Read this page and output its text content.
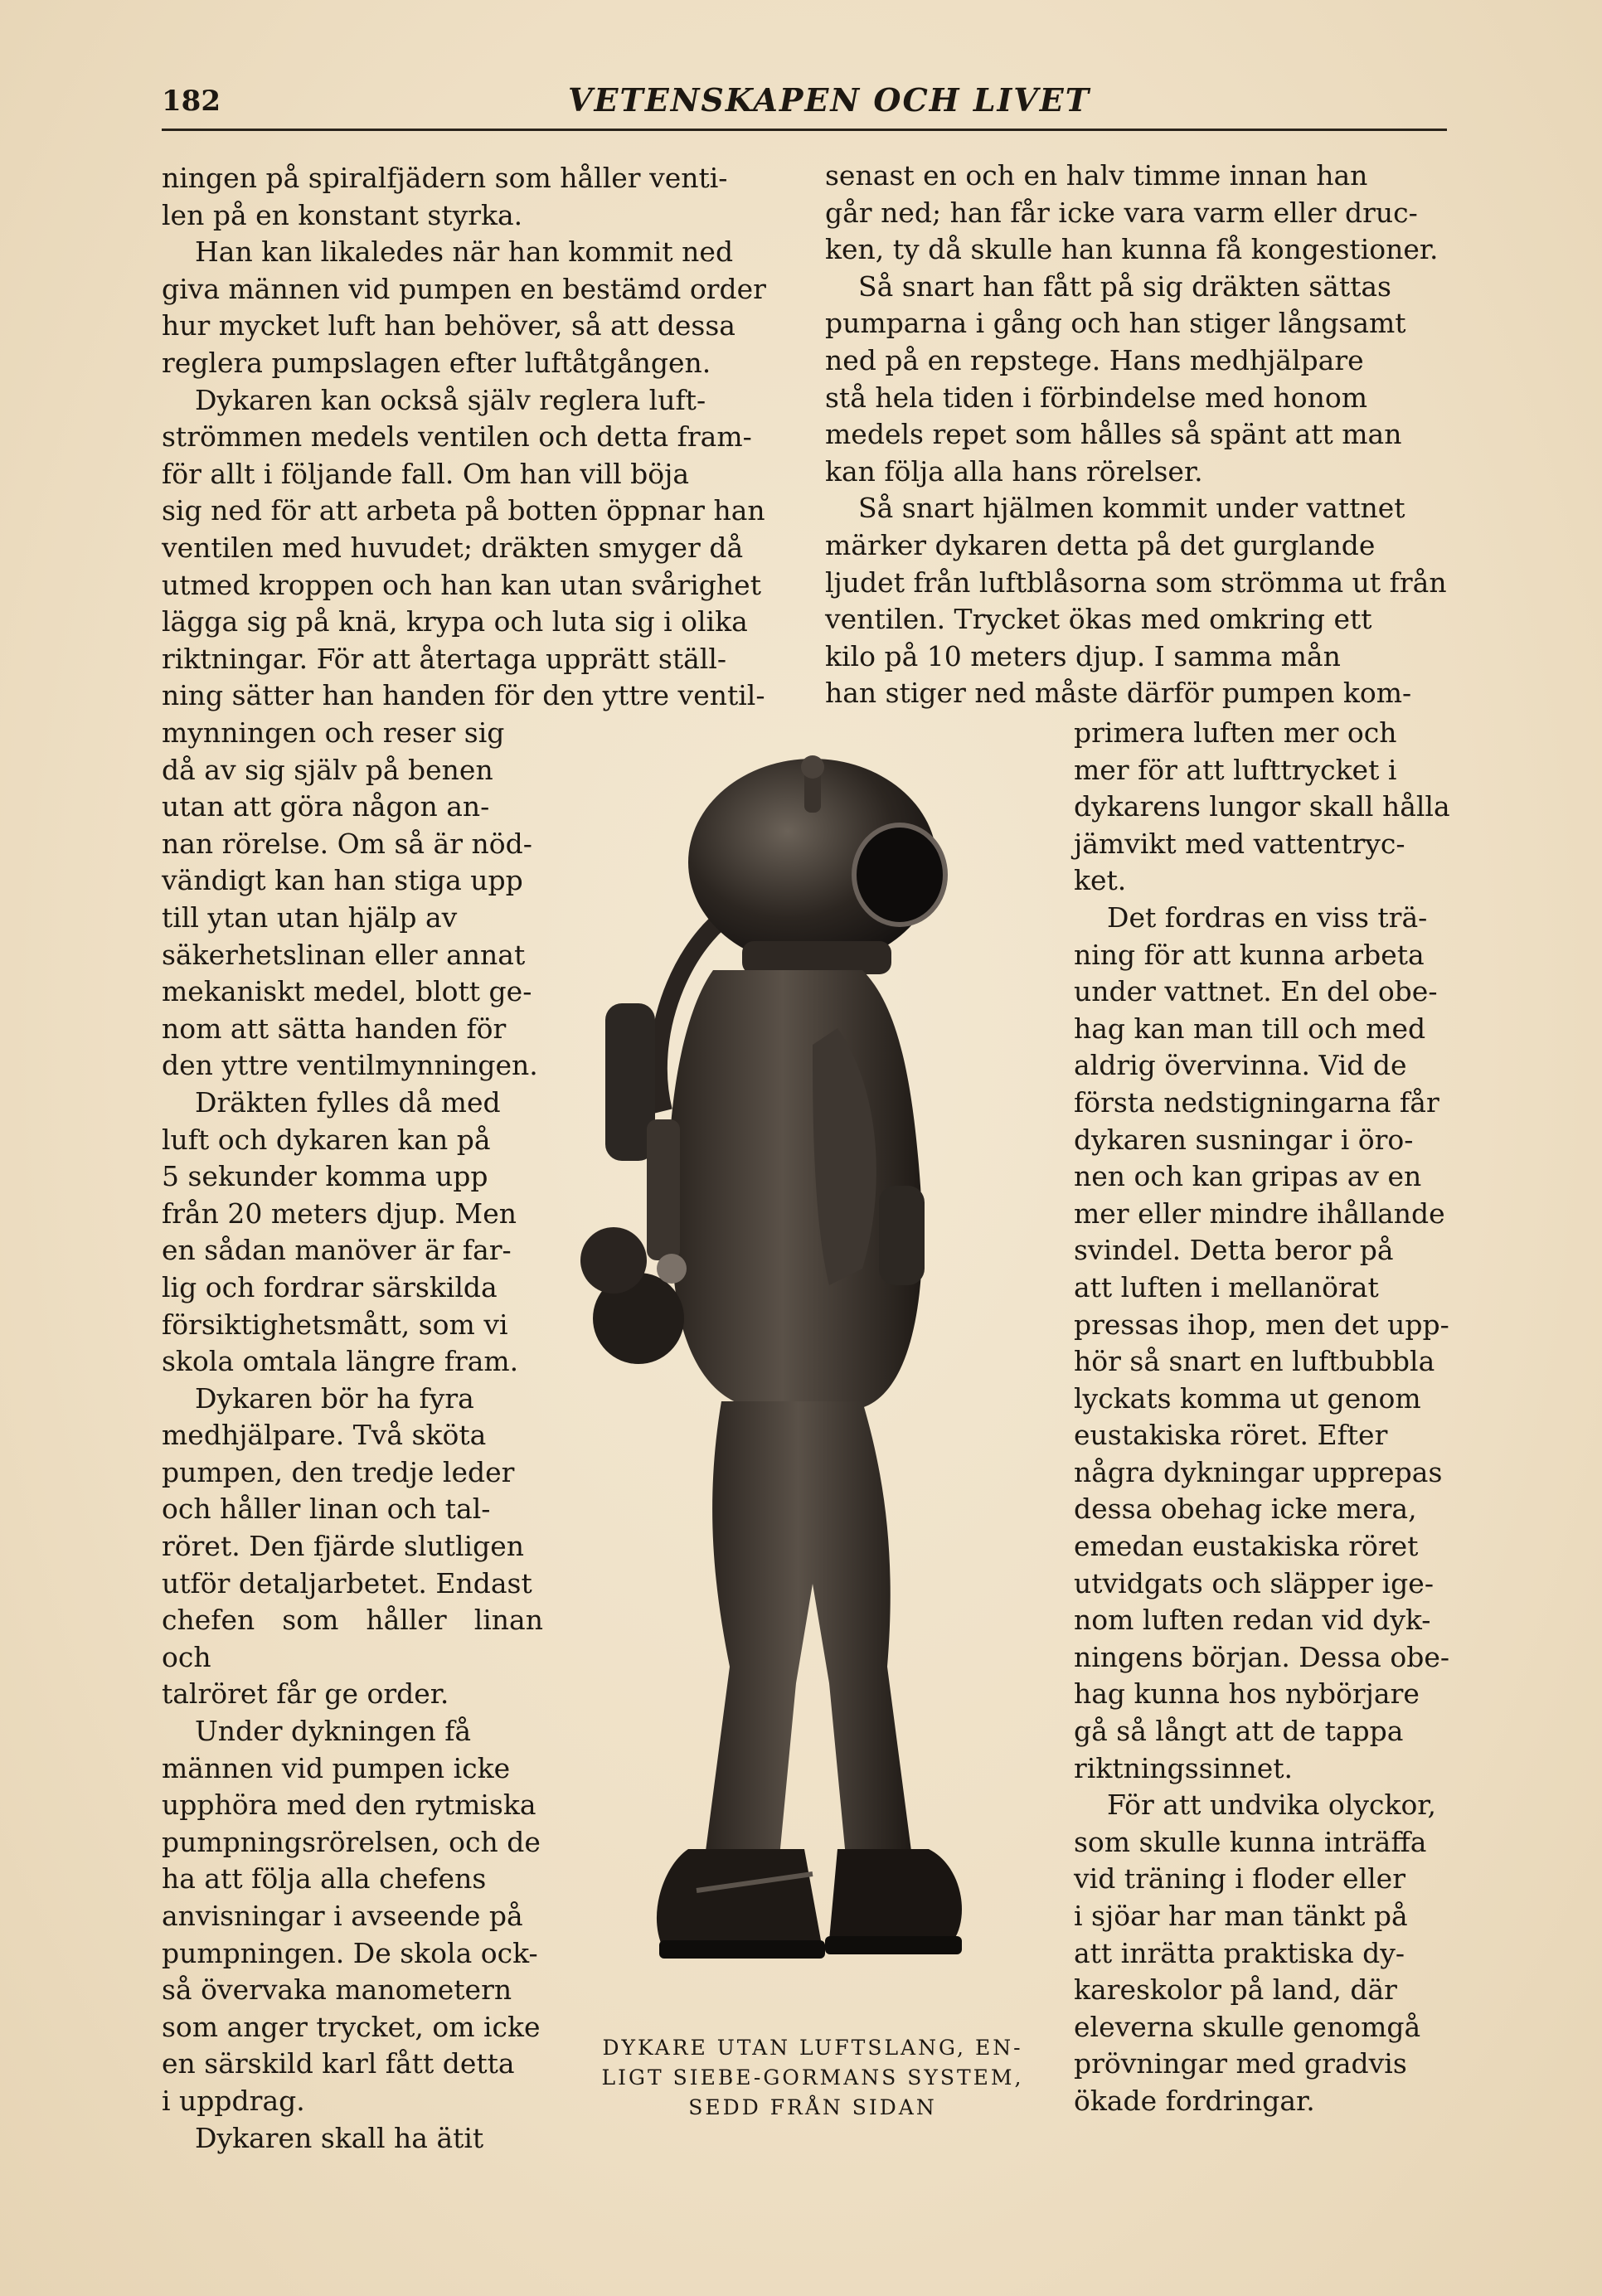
182	VETENSKAPEN OCH LIVET
ningen på spiralfjädern som håller venti-
len på en konstant styrka.
Han kan likaledes när han kommit ned
giva männen vid pumpen en bestämd order
hur mycket luft han behöver, så att dessa
reglera pumpslagen efter luftåtgången.
Dykaren kan också själv reglera luft-
strömmen medels ventilen och detta fram-
för allt i följande fall. Om han vill böja
sig ned för att arbeta på botten öppnar han
ventilen med huvudet; dräkten smyger då
utmed kroppen och han kan utan svårighet
lägga sig på knä, krypa och luta sig i olika
riktningar. För att återtaga upprätt ställ-
ning sätter han handen för den yttre ventil-
mynningen och reser sig
då av sig själv på benen
utan att göra någon an-
nan rörelse. Om så är nöd-
vändigt kan han stiga upp
till ytan utan hjälp av
säkerhetslinan eller annat
mekaniskt medel, blott ge-
nom att sätta handen för
den yttre ventilmynningen.
Dräkten fylles då med
luft och dykaren kan på
5 sekunder komma upp
från 20 meters djup. Men
en sådan manöver är far-
lig och fordrar särskilda
försiktighetsmått, som vi
skola omtala längre fram.
Dykaren bör ha fyra
medhjälpare. Två sköta
pumpen, den tredje leder
och håller linan och tal-
röret. Den fjärde slutligen
utför detaljarbetet. Endast
chefen som håller linan och
talröret får ge order.
Under dykningen få
männen vid pumpen icke
upphöra med den rytmiska
pumpningsrörelsen, och de
ha att följa alla chefens
anvisningar i avseende på
pumpningen. De skola ock-
så övervaka manometern
som anger trycket, om icke
en särskild karl fått detta
i uppdrag.
Dykaren skall ha ätit
senast en och en halv timme innan han
går ned; han får icke vara varm eller druc-
ken, ty då skulle han kunna få kongestioner.
Så snart han fått på sig dräkten sättas
pumparna i gång och han stiger långsamt
ned på en repstege. Hans medhjälpare
stå hela tiden i förbindelse med honom
medels repet som hålles så spänt att man
kan följa alla hans rörelser.
Så snart hjälmen kommit under vattnet
märker dykaren detta på det gurglande
ljudet från luftblåsorna som strömma ut från
ventilen. Trycket ökas med omkring ett
kilo på 10 meters djup. I samma mån
han stiger ned måste därför pumpen kom-
primera luften mer och
mer för att lufttrycket i
dykarens lungor skall hålla
jämvikt med vattentryc-
ket.
Det fordras en viss trä-
ning för att kunna arbeta
under vattnet. En del obe-
hag kan man till och med
aldrig övervinna. Vid de
första nedstigningarna får
dykaren susningar i öro-
nen och kan gripas av en
mer eller mindre ihållande
svindel. Detta beror på
att luften i mellanörat
pressas ihop, men det upp-
hör så snart en luftbubbla
lyckats komma ut genom
eustakiska röret. Efter
några dykningar upprepas
dessa obehag icke mera,
emedan eustakiska röret
utvidgats och släpper ige-
nom luften redan vid dyk-
ningens början. Dessa obe-
hag kunna hos nybörjare
gå så långt att de tappa
riktningssinnet.
För att undvika olyckor,
som skulle kunna inträffa
vid träning i floder eller
i sjöar har man tänkt på
att inrätta praktiska dy-
kareskolor på land, där
eleverna skulle genomgå
prövningar med gradvis
ökade fordringar.
DYKARE UTAN LUFTSLANG, EN- LIGT SIEBE-GORMANS SYSTEM, SEDD FRÅN SIDAN
